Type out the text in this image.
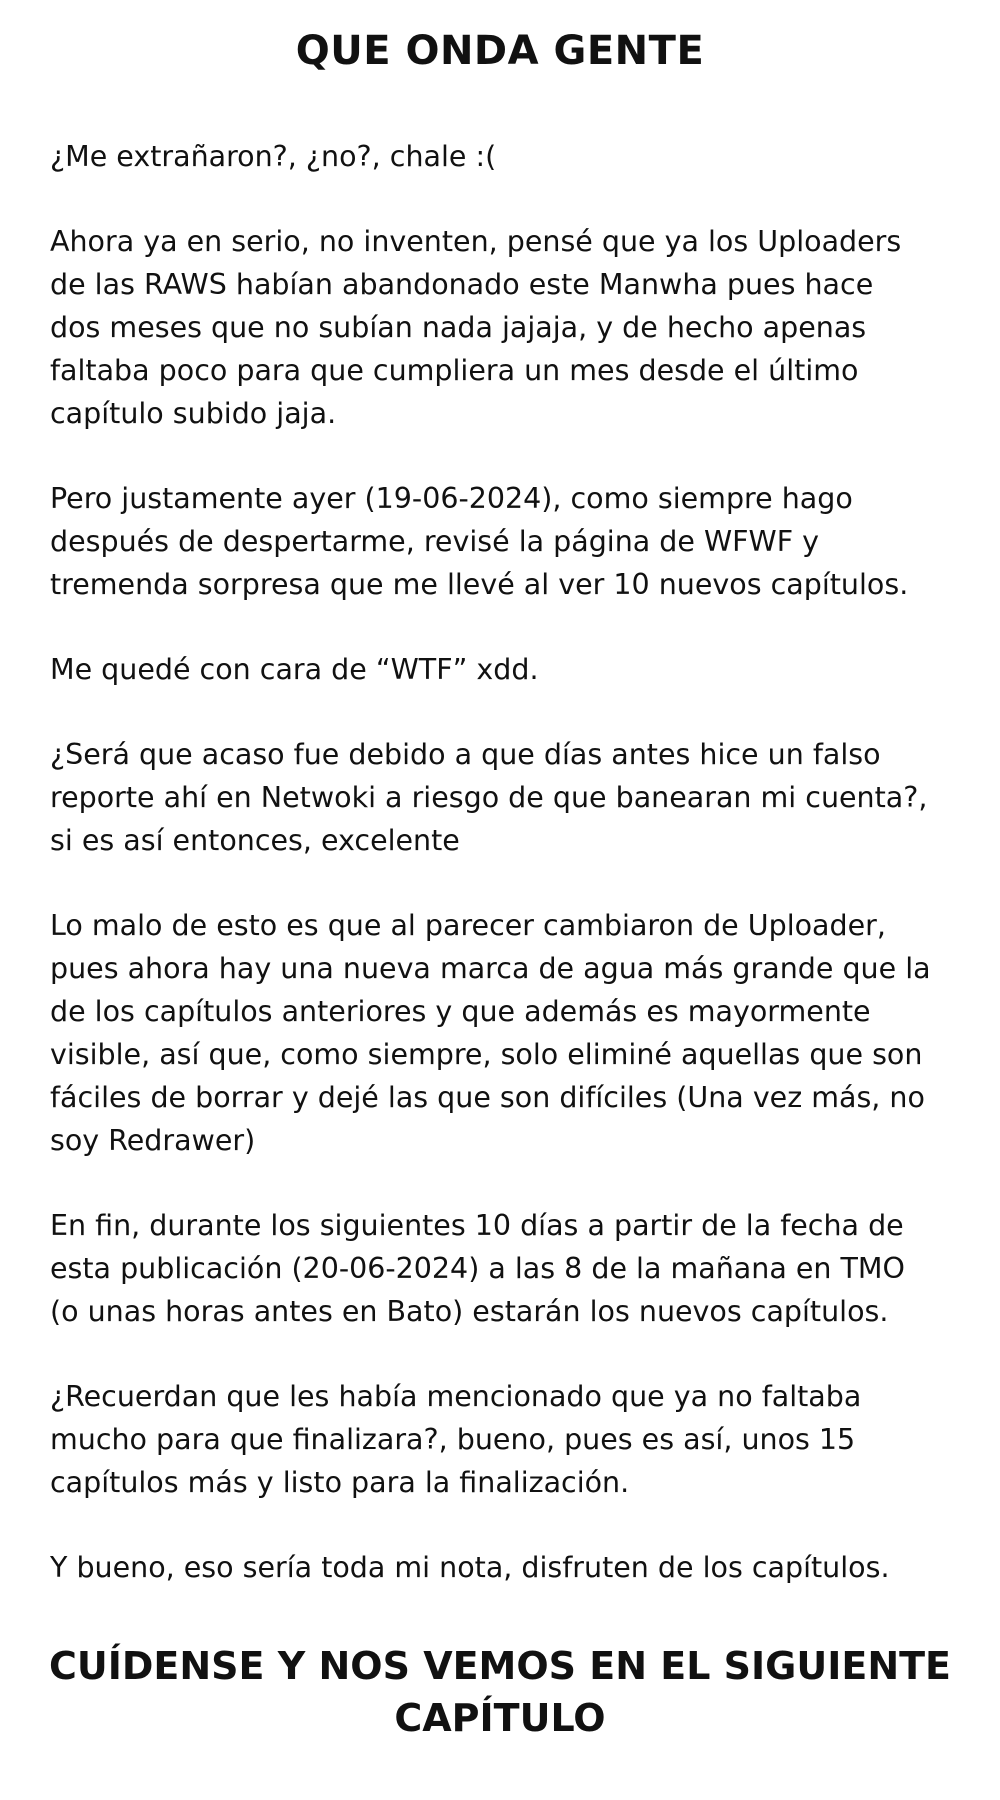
QUE ONDA GENTE

¿Me extrañaron?, ¿no?, chale :(

Ahora ya en serio, no inventen, pensé que ya los Uploaders
de las RAWS habían abandonado este Manwha pues hace
dos meses que no subían nada jajaja, y de hecho apenas
faltaba poco para que cumpliera un mes desde el último
capítulo subido jaja.

Pero justamente ayer (19-06-2024), como siempre hago
después de despertarme, revisé la página de WFWF y
tremenda sorpresa que me llevé al ver 10 nuevos capítulos.

Me quedé con cara de “WTF” xdd.

¿Será que acaso fue debido a que días antes hice un falso
reporte ahí en Netwoki a riesgo de que banearan mi cuenta?,
si es así entonces, excelente

Lo malo de esto es que al parecer cambiaron de Uploader,
pues ahora hay una nueva marca de agua más grande que la
de los capítulos anteriores y que además es mayormente
visible, así que, como siempre, solo eliminé aquellas que son
fáciles de borrar y dejé las que son difíciles (Una vez más, no
soy Redrawer)

En fin, durante los siguientes 10 días a partir de la fecha de
esta publicación (20-06-2024) a las 8 de la mañana en TMO
(o unas horas antes en Bato) estarán los nuevos capítulos.

¿Recuerdan que les había mencionado que ya no faltaba
mucho para que finalizara?, bueno, pues es así, unos 15
capítulos más y listo para la finalización.

Y bueno, eso sería toda mi nota, disfruten de los capítulos.

CUÍDENSE Y NOS VEMOS EN EL SIGUIENTE
CAPÍTULO
